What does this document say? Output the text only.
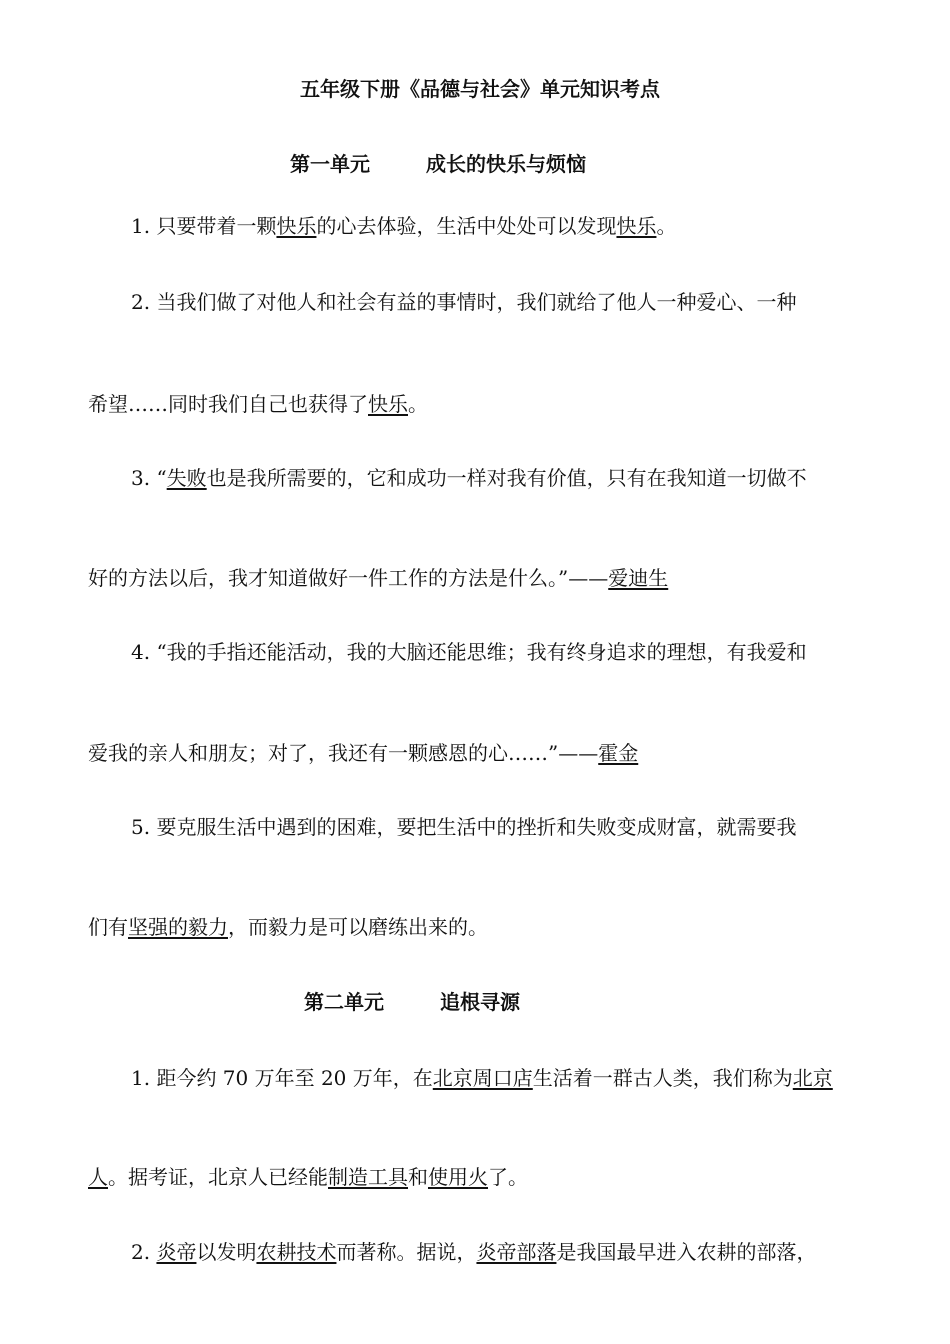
五年级下册《品德与社会》单元知识考点
第一单元	成长的快乐与烦恼
1. 只要带着一颗快乐的心去体验，生活中处处可以发现快乐。
2. 当我们做了对他人和社会有益的事情时，我们就给了他人一种爱心、一种
希望……同时我们自己也获得了快乐。
3. “失败也是我所需要的，它和成功一样对我有价值，只有在我知道一切做不
好的方法以后，我才知道做好一件工作的方法是什么。”——爱迪生
4. “我的手指还能活动，我的大脑还能思维；我有终身追求的理想，有我爱和
爱我的亲人和朋友；对了，我还有一颗感恩的心……”——霍金
5. 要克服生活中遇到的困难，要把生活中的挫折和失败变成财富，就需要我
们有坚强的毅力，而毅力是可以磨练出来的。
第二单元	追根寻源
1. 距今约 70 万年至 20 万年，在北京周口店生活着一群古人类，我们称为北京
人。据考证，北京人已经能制造工具和使用火了。
2. 炎帝以发明农耕技术而著称。据说，炎帝部落是我国最早进入农耕的部落，
